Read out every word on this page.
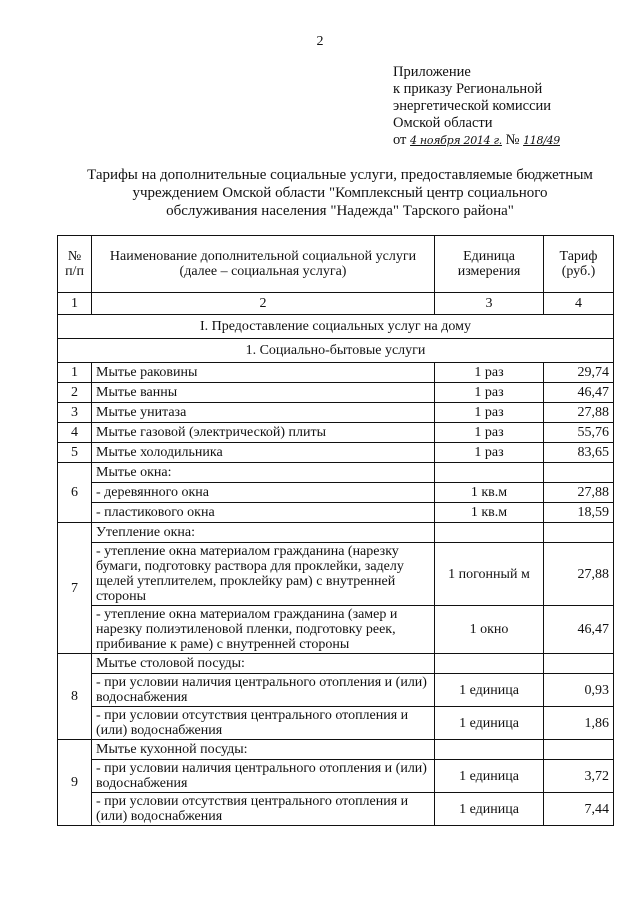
2
Приложение
к приказу Региональной
энергетической комиссии
Омской области
от 4 ноября 2014 г. № 118/49
Тарифы на дополнительные социальные услуги, предоставляемые бюджетным
учреждением Омской области "Комплексный центр социального
обслуживания населения "Надежда" Тарского района"
№ п/п	Наименование дополнительной социальной услуги (далее – социальная услуга)	Единица измерения	Тариф (руб.)
1	2	3	4
I. Предоставление социальных услуг на дому			
1. Социально-бытовые услуги			
1	Мытье раковины	1 раз	29,74
2	Мытье ванны	1 раз	46,47
3	Мытье унитаза	1 раз	27,88
4	Мытье газовой (электрической) плиты	1 раз	55,76
5	Мытье холодильника	1 раз	83,65
6	Мытье окна:		
	- деревянного окна	1 кв.м	27,88
	- пластикового окна	1 кв.м	18,59
7	Утепление окна:		
	- утепление окна материалом гражданина (нарезку бумаги, подготовку раствора для проклейки, заделу щелей утеплителем, проклейку рам) с внутренней стороны	1 погонный м	27,88
	- утепление окна материалом гражданина (замер и нарезку полиэтиленовой пленки, подготовку реек, прибивание к раме) с внутренней стороны	1 окно	46,47
8	Мытье столовой посуды:		
	- при условии наличия центрального отопления и (или) водоснабжения	1 единица	0,93
	- при условии отсутствия центрального отопления и (или) водоснабжения	1 единица	1,86
9	Мытье кухонной посуды:		
	- при условии наличия центрального отопления и (или) водоснабжения	1 единица	3,72
	- при условии отсутствия центрального отопления и (или) водоснабжения	1 единица	7,44
